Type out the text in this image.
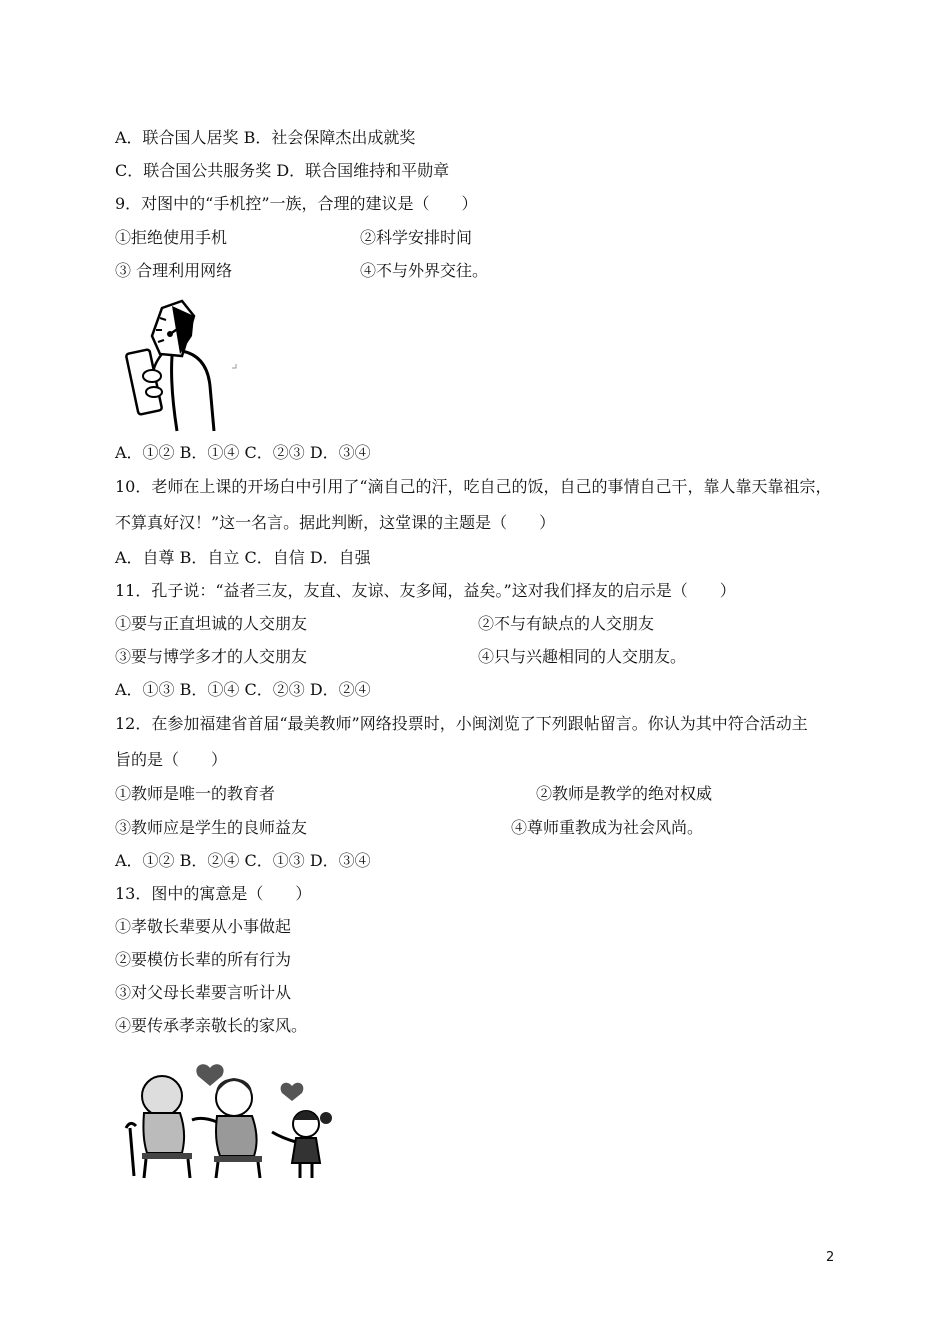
A．联合国人居奖 B．社会保障杰出成就奖
C．联合国公共服务奖 D．联合国维持和平勋章
9．对图中的“手机控”一族，合理的建议是（　　）
①拒绝使用手机	②科学安排时间
③ 合理利用网络	④不与外界交往。
A．①② B．①④ C．②③ D．③④
10．老师在上课的开场白中引用了“滴自己的汗，吃自己的饭，自己的事情自己干，靠人靠天靠祖宗，
不算真好汉！”这一名言。据此判断，这堂课的主题是（　　）
A．自尊 B．自立 C．自信 D．自强
11．孔子说：“益者三友，友直、友谅、友多闻，益矣。”这对我们择友的启示是（　　）
①要与正直坦诚的人交朋友	②不与有缺点的人交朋友
③要与博学多才的人交朋友	④只与兴趣相同的人交朋友。
A．①③ B．①④ C．②③ D．②④
12．在参加福建省首届“最美教师”网络投票时，小闽浏览了下列跟帖留言。你认为其中符合活动主
旨的是（　　）
①教师是唯一的教育者	②教师是教学的绝对权威
③教师应是学生的良师益友	④尊师重教成为社会风尚。
A．①② B．②④ C．①③ D．③④
13．图中的寓意是（　　）
①孝敬长辈要从小事做起
②要模仿长辈的所有行为
③对父母长辈要言听计从
④要传承孝亲敬长的家风。
2
